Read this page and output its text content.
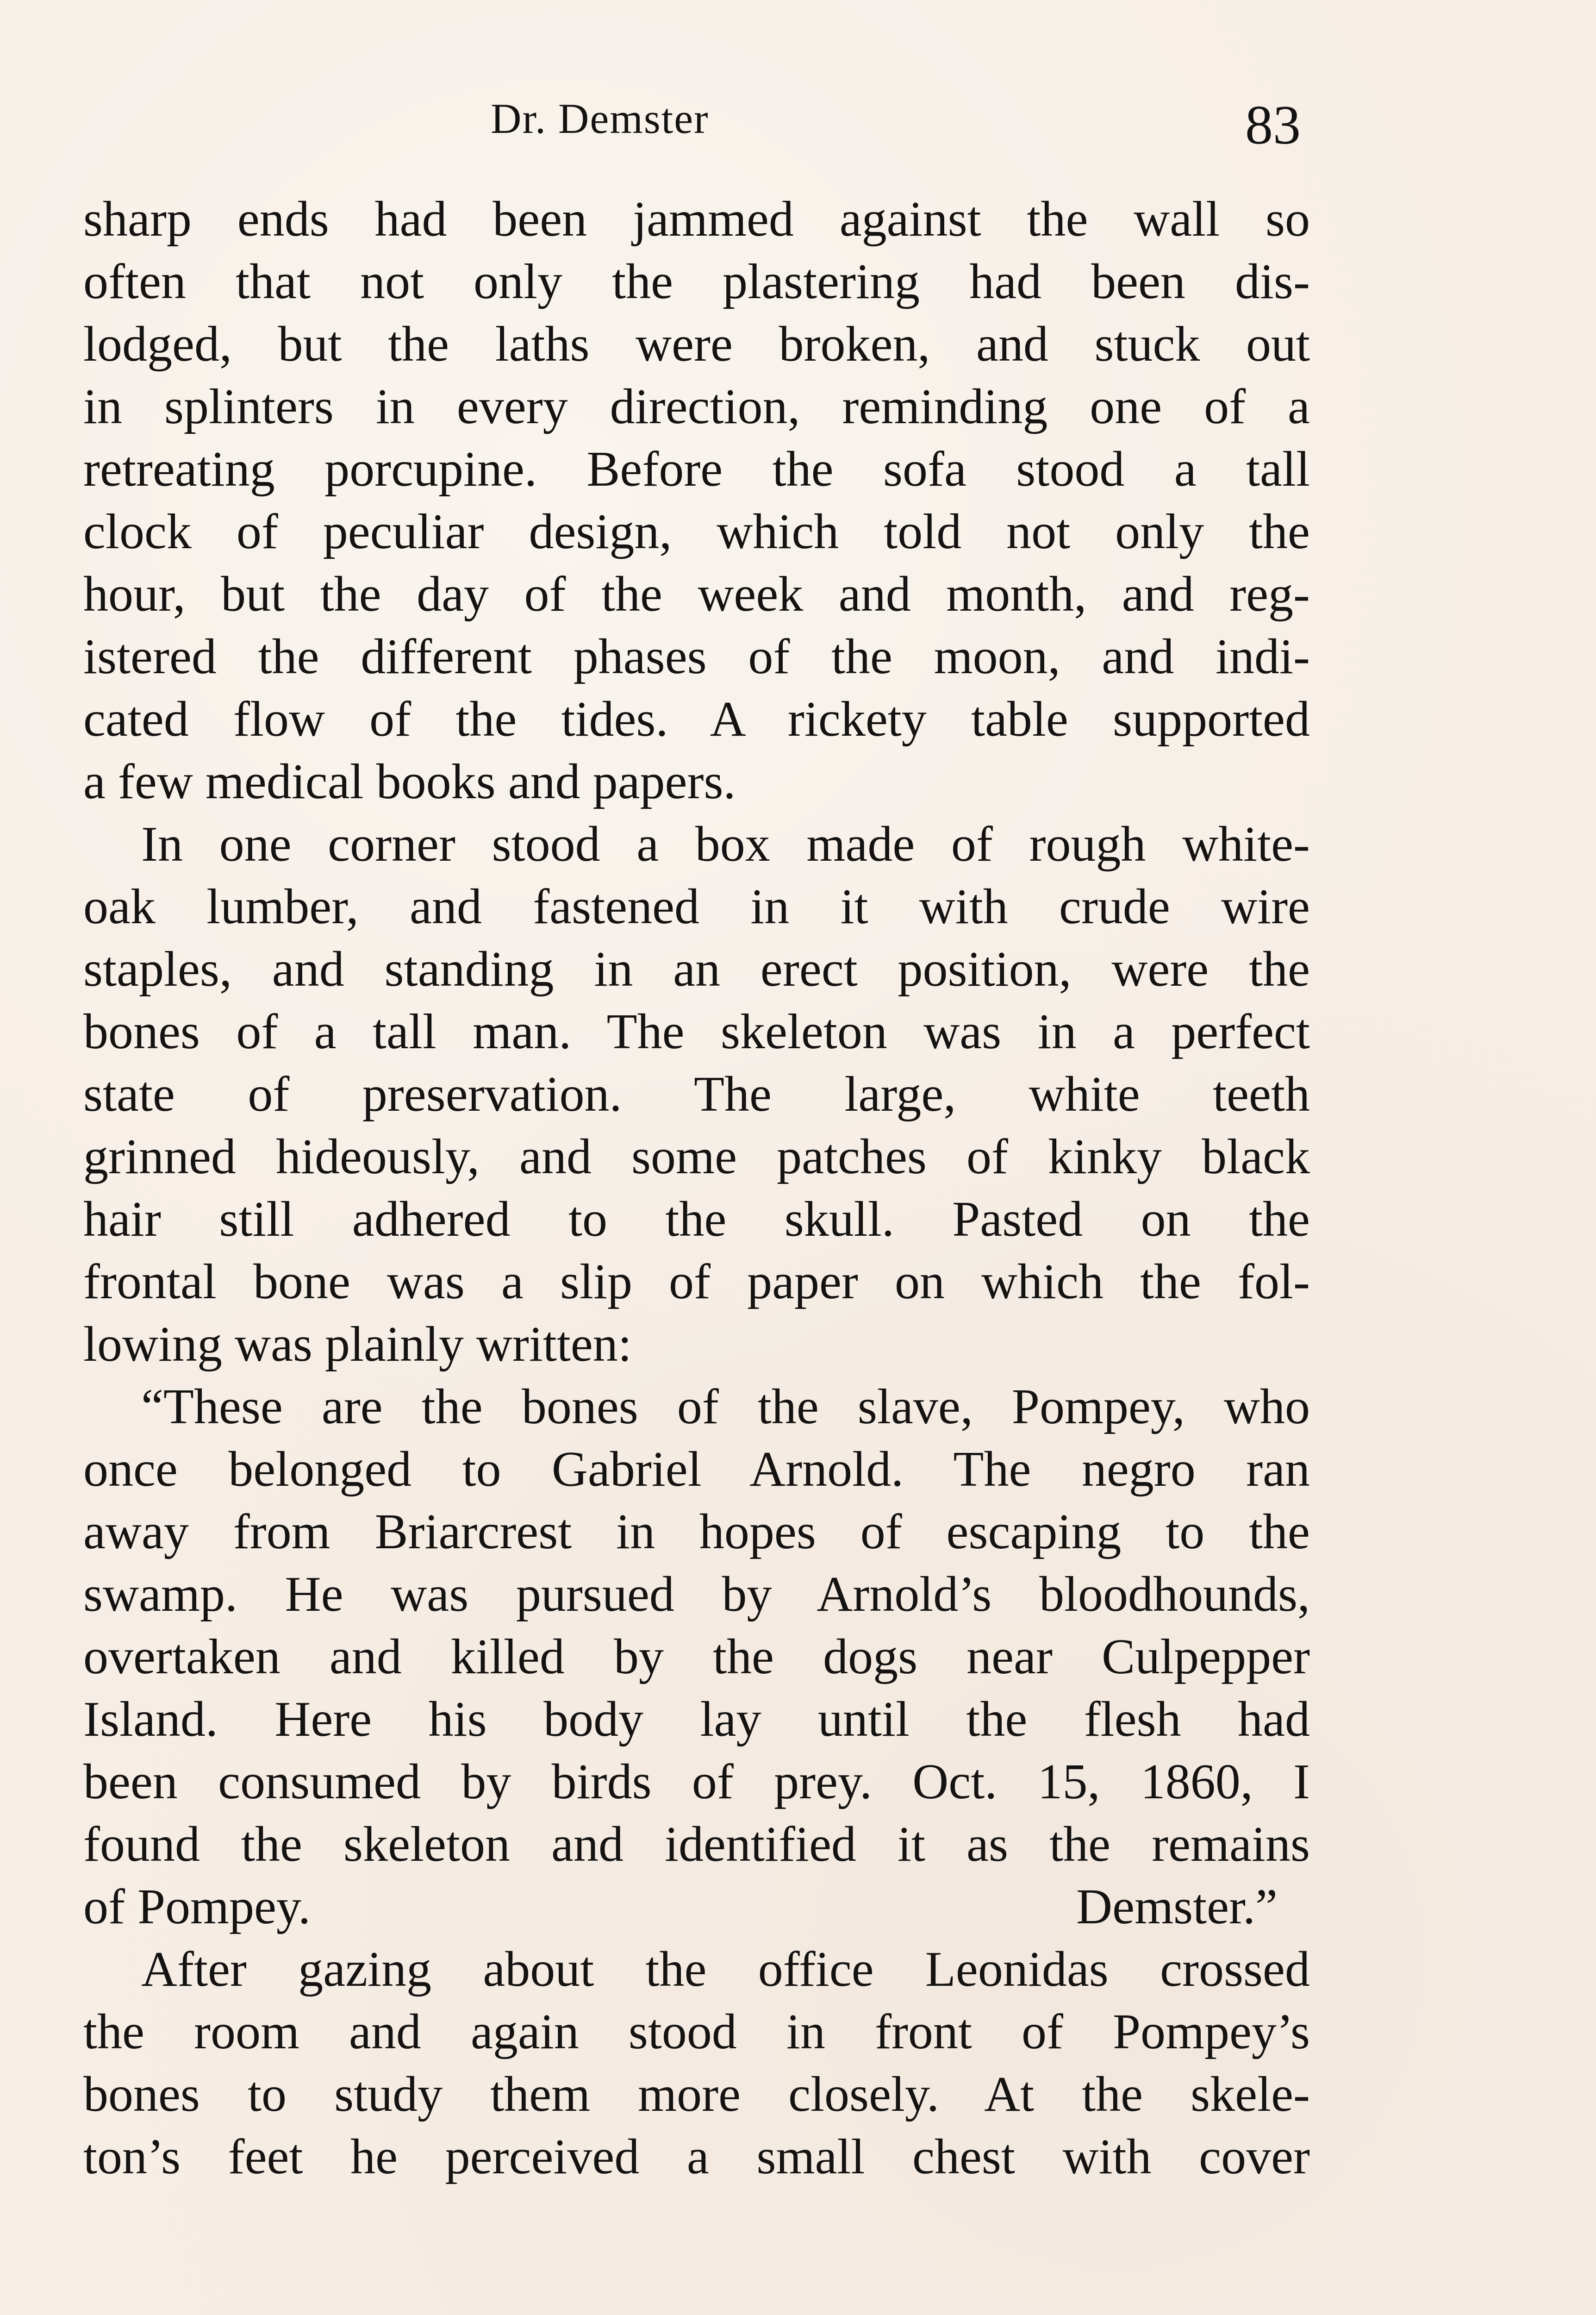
Dr. Demster	83
sharp ends had been jammed against the wall so
often that not only the plastering had been dis-
lodged, but the laths were broken, and stuck out
in splinters in every direction, reminding one of a
retreating porcupine. Before the sofa stood a tall
clock of peculiar design, which told not only the
hour, but the day of the week and month, and reg-
istered the different phases of the moon, and indi-
cated flow of the tides. A rickety table supported
a few medical books and papers.
In one corner stood a box made of rough white-
oak lumber, and fastened in it with crude wire
staples, and standing in an erect position, were the
bones of a tall man. The skeleton was in a perfect
state of preservation. The large, white teeth
grinned hideously, and some patches of kinky black
hair still adhered to the skull. Pasted on the
frontal bone was a slip of paper on which the fol-
lowing was plainly written:
“These are the bones of the slave, Pompey, who
once belonged to Gabriel Arnold. The negro ran
away from Briarcrest in hopes of escaping to the
swamp. He was pursued by Arnold’s bloodhounds,
overtaken and killed by the dogs near Culpepper
Island. Here his body lay until the flesh had
been consumed by birds of prey. Oct. 15, 1860, I
found the skeleton and identified it as the remains
of Pompey.	Demster.”
After gazing about the office Leonidas crossed
the room and again stood in front of Pompey’s
bones to study them more closely. At the skele-
ton’s feet he perceived a small chest with cover
